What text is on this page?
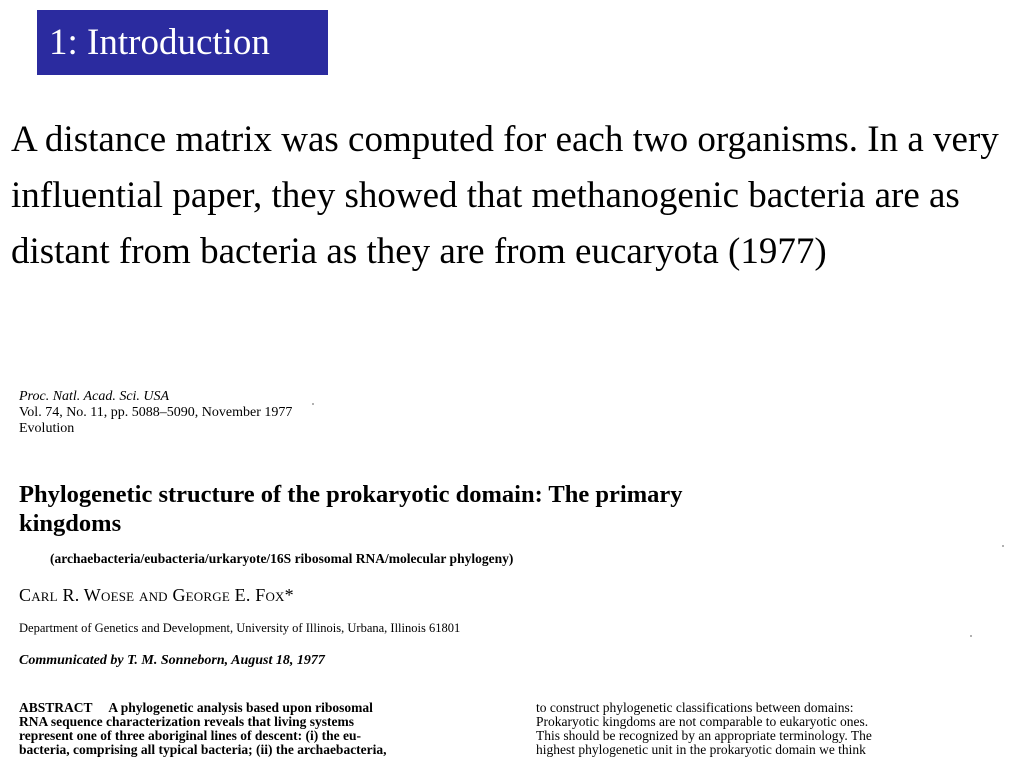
1: Introduction

A distance matrix was computed for each two organisms. In a very influential paper, they showed that methanogenic bacteria are as distant from bacteria as they are from eucaryota (1977)

Proc. Natl. Acad. Sci. USA
Vol. 74, No. 11, pp. 5088–5090, November 1977
Evolution
Phylogenetic structure of the prokaryotic domain: The primary
kingdoms
(archaebacteria/eubacteria/urkaryote/16S ribosomal RNA/molecular phylogeny)
Carl R. Woese and George E. Fox*
Department of Genetics and Development, University of Illinois, Urbana, Illinois 61801
Communicated by T. M. Sonneborn, August 18, 1977
ABSTRACT     A phylogenetic analysis based upon ribosomal
RNA sequence characterization reveals that living systems
represent one of three aboriginal lines of descent: (i) the eu-
bacteria, comprising all typical bacteria; (ii) the archaebacteria,
to construct phylogenetic classifications between domains:
Prokaryotic kingdoms are not comparable to eukaryotic ones.
This should be recognized by an appropriate terminology. The
highest phylogenetic unit in the prokaryotic domain we think
